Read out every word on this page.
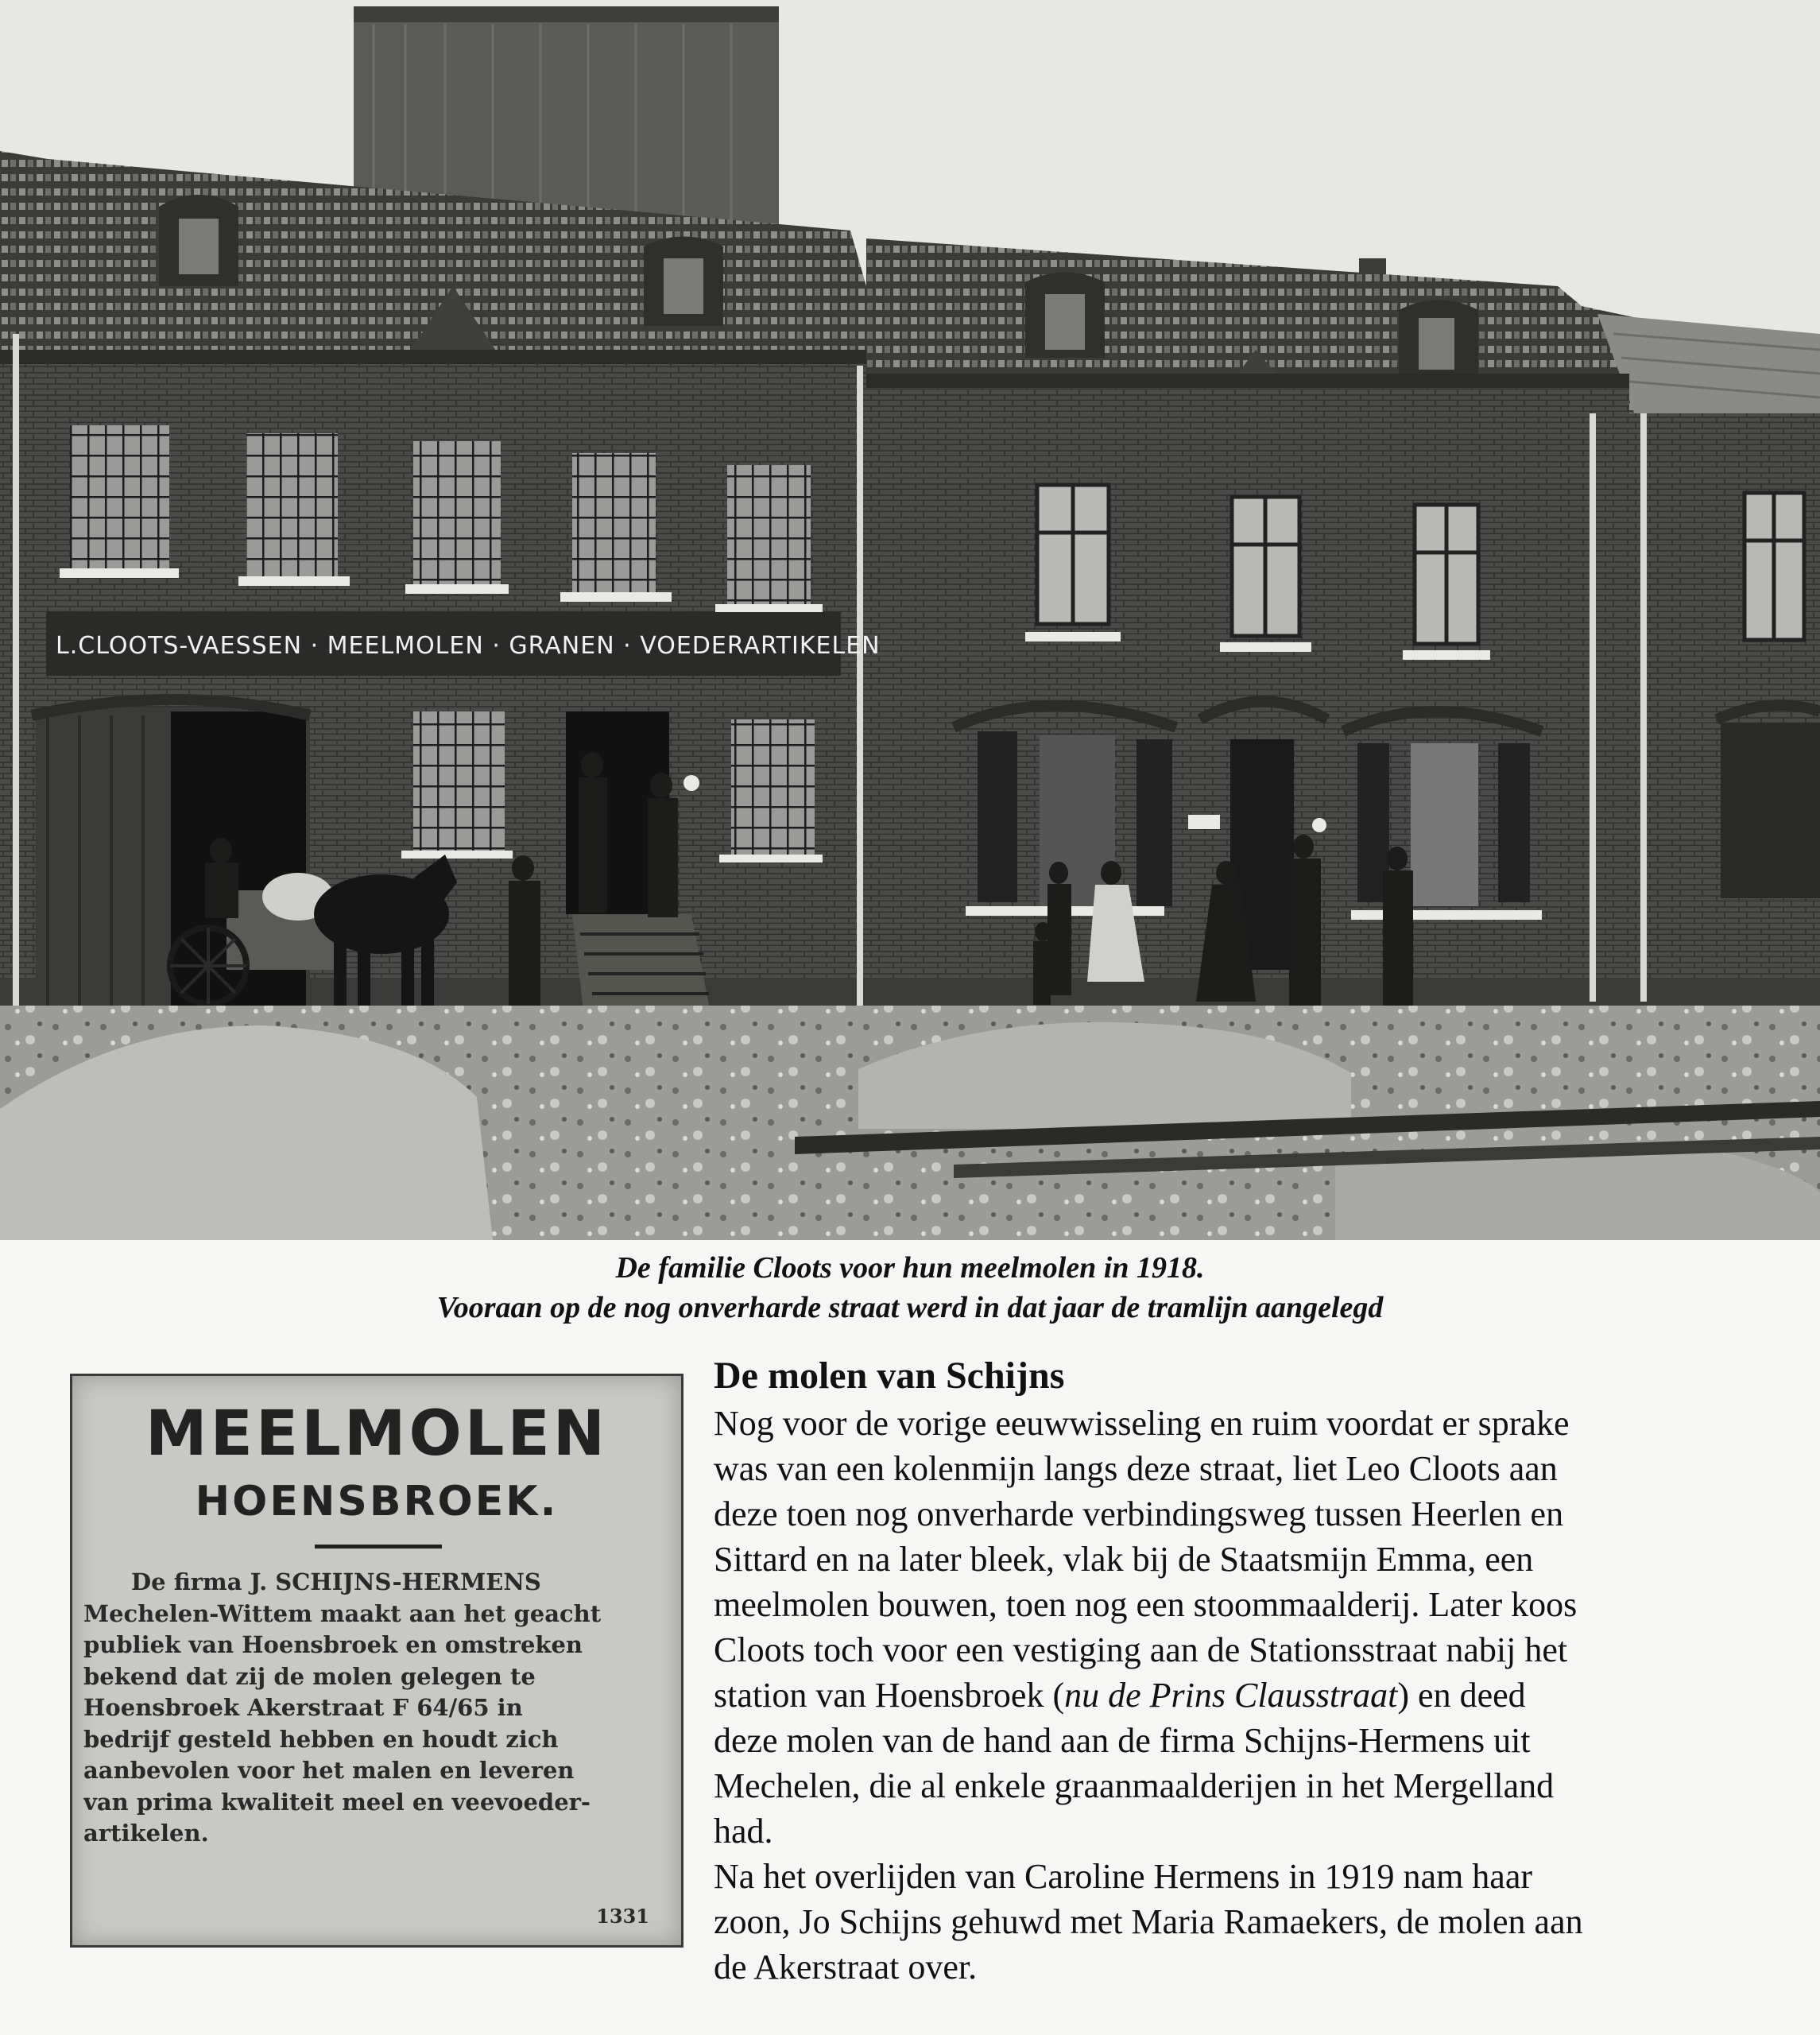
L.CLOOTS-VAESSEN · MEELMOLEN · GRANEN · VOEDERARTIKELEN
De familie Cloots voor hun meelmolen in 1918.
Vooraan op de nog onverharde straat werd in dat jaar de tramlijn aangelegd
MEELMOLEN
HOENSBROEK.
De firma J. SCHIJNS-HERMENS
Mechelen-Wittem maakt aan het geacht
publiek van Hoensbroek en omstreken
bekend dat zij de molen gelegen te
Hoensbroek Akerstraat F 64/65 in
bedrijf gesteld hebben en houdt zich
aanbevolen voor het malen en leveren
van prima kwaliteit meel en veevoeder-
artikelen.
1331
De molen van Schijns
Nog voor de vorige eeuwwisseling en ruim voordat er sprake
was van een kolenmijn langs deze straat, liet Leo Cloots aan
deze toen nog onverharde verbindingsweg tussen Heerlen en
Sittard en na later bleek, vlak bij de Staatsmijn Emma, een
meelmolen bouwen, toen nog een stoommaalderij. Later koos
Cloots toch voor een vestiging aan de Stationsstraat nabij het
station van Hoensbroek (nu de Prins Clausstraat) en deed
deze molen van de hand aan de firma Schijns-Hermens uit
Mechelen, die al enkele graanmaalderijen in het Mergelland
had.
Na het overlijden van Caroline Hermens in 1919 nam haar
zoon, Jo Schijns gehuwd met Maria Ramaekers, de molen aan
de Akerstraat over.
